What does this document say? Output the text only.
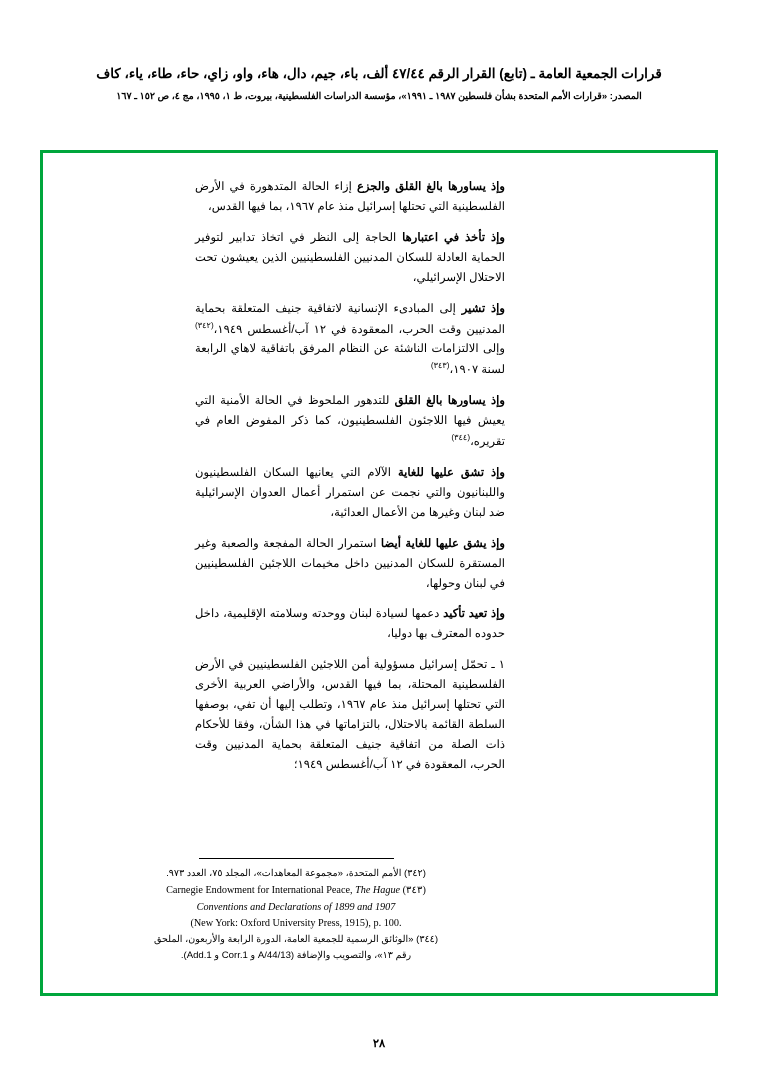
قرارات الجمعية العامة ـ (تابع) القرار الرقم ٤٧/٤٤ ألف، باء، جيم، دال، هاء، واو، زاي، حاء، طاء، ياء، كاف
المصدر: «قرارات الأمم المتحدة بشأن فلسطين ١٩٨٧ ـ ١٩٩١»، مؤسسة الدراسات الفلسطينية، بيروت، ط ١، ١٩٩٥، مج ٤، ص ١٥٢ ـ ١٦٧

وإذ يساورها بالغ القلق والجزع إزاء الحالة المتدهورة في الأرض الفلسطينية التي تحتلها إسرائيل منذ عام ١٩٦٧، بما فيها القدس،

وإذ تأخذ في اعتبارها الحاجة إلى النظر في اتخاذ تدابير لتوفير الحماية العادلة للسكان المدنيين الفلسطينيين الذين يعيشون تحت الاحتلال الإسرائيلي،

وإذ تشير إلى المبادىء الإنسانية لاتفاقية جنيف المتعلقة بحماية المدنيين وقت الحرب، المعقودة في ١٢ آب/أغسطس ١٩٤٩،$^{(٣٤٢)}$ وإلى الالتزامات الناشئة عن النظام المرفق باتفاقية لاهاي الرابعة لسنة ١٩٠٧،$^{(٣٤٣)}$

وإذ يساورها بالغ القلق للتدهور الملحوظ في الحالة الأمنية التي يعيش فيها اللاجئون الفلسطينيون، كما ذكر المفوض العام في تقريره،$^{(٣٤٤)}$

وإذ تشق عليها للغاية الآلام التي يعانيها السكان الفلسطينيون واللبنانيون والتي نجمت عن استمرار أعمال العدوان الإسرائيلية ضد لبنان وغيرها من الأعمال العدائية،

وإذ يشق عليها للغاية أيضا استمرار الحالة المفجعة والصعبة وغير المستقرة للسكان المدنيين داخل مخيمات اللاجئين الفلسطينيين في لبنان وحولها،

وإذ تعيد تأكيد دعمها لسيادة لبنان ووحدته وسلامته الإقليمية، داخل حدوده المعترف بها دوليا،

١ ـ تحمّل إسرائيل مسؤولية أمن اللاجئين الفلسطينيين في الأرض الفلسطينية المحتلة، بما فيها القدس، والأراضي العربية الأخرى التي تحتلها إسرائيل منذ عام ١٩٦٧، وتطلب إليها أن تفي، بوصفها السلطة القائمة بالاحتلال، بالتزاماتها في هذا الشأن، وفقا للأحكام ذات الصلة من اتفاقية جنيف المتعلقة بحماية المدنيين وقت الحرب، المعقودة في ١٢ آب/أغسطس ١٩٤٩؛

(٣٤٢) الأمم المتحدة، «مجموعة المعاهدات»، المجلد ٧٥، العدد ٩٧٣.
Carnegie Endowment for International Peace, The Hague (٣٤٣)
Conventions and Declarations of 1899 and 1907
(New York: Oxford University Press, 1915), p. 100.
(٣٤٤) «الوثائق الرسمية للجمعية العامة، الدورة الرابعة والأربعون، الملحق
رقم ١٣»، والتصويب والإضافة (A/44/13 و Corr.1 و Add.1).
٢٨
